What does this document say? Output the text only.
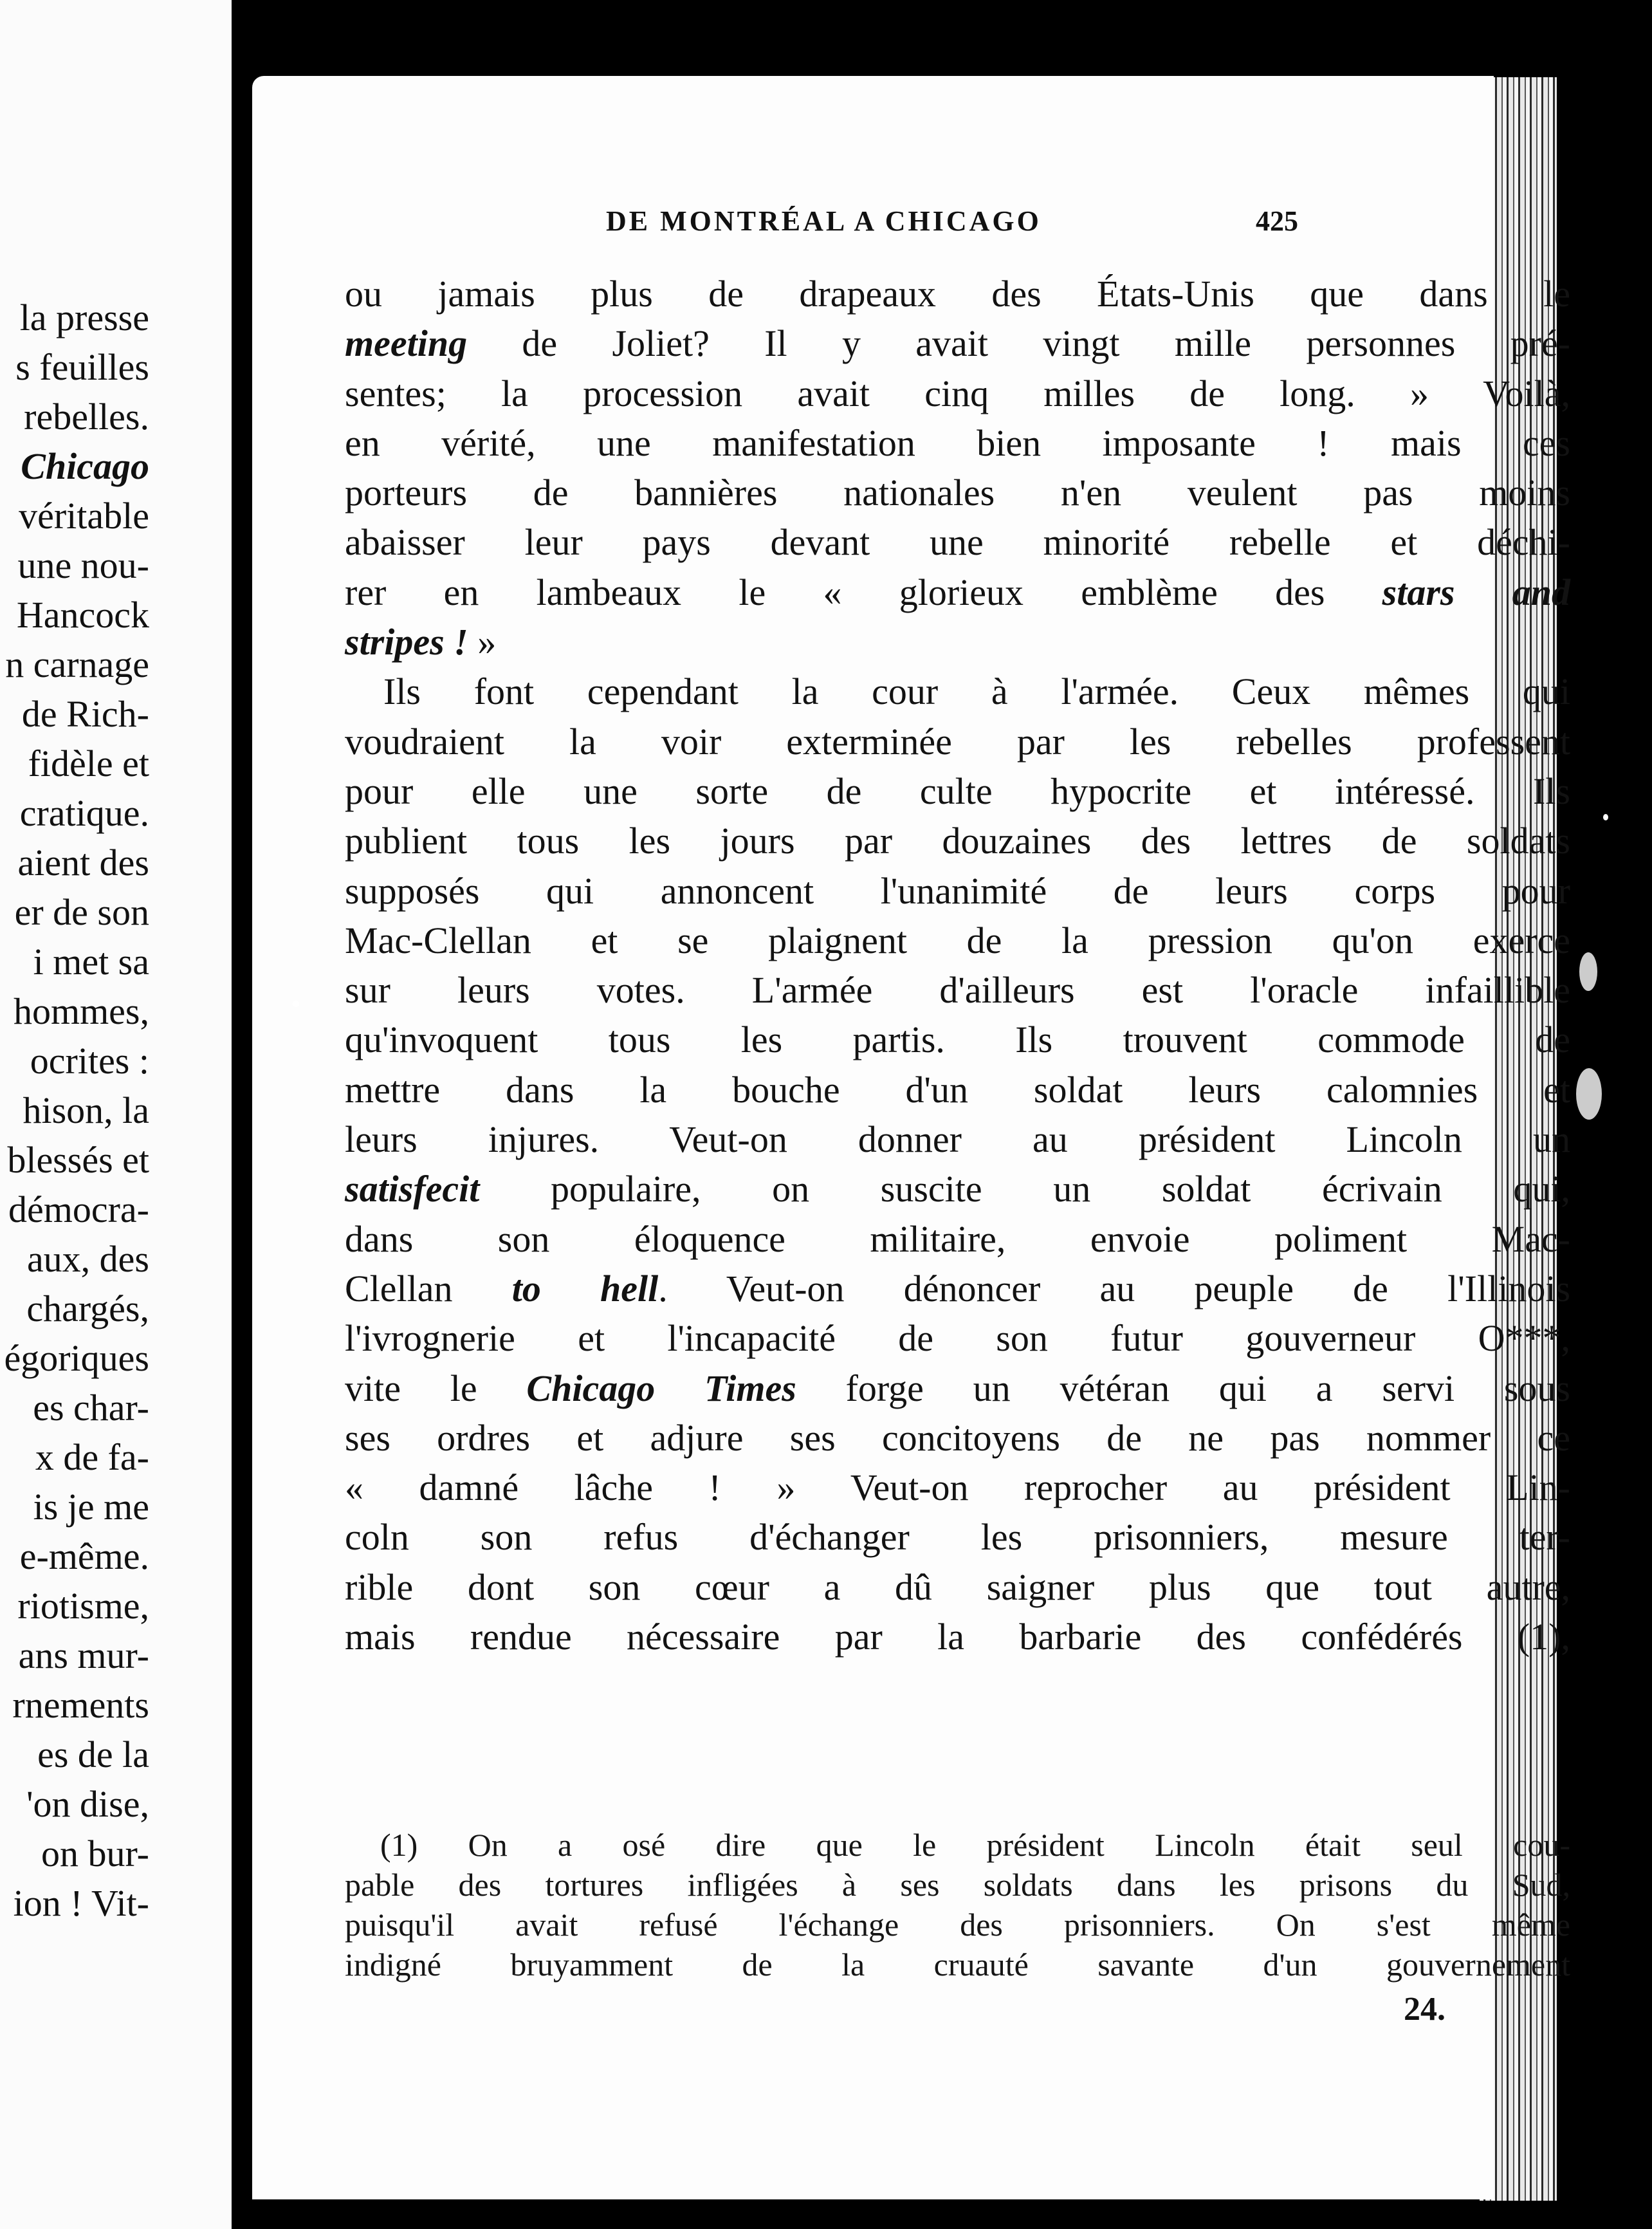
la presse
s feuilles
rebelles.
Chicago
véritable
une nou-
Hancock
n carnage
de Rich-
fidèle et
cratique.
aient des
er de son
i met sa
hommes,
ocrites :
hison, la
blessés et
démocra-
aux, des
chargés,
égoriques
es char-
x de fa-
is je me
e-même.
riotisme,
ans mur-
rnements
es de la
'on dise,
on bur-
ion ! Vit-
DE MONTRÉAL A CHICAGO	425
ou jamais plus de drapeaux des États-Unis que dans le
meeting de Joliet? Il y avait vingt mille personnes pré-
sentes; la procession avait cinq milles de long. » Voilà,
en vérité, une manifestation bien imposante ! mais ces
porteurs de bannières nationales n'en veulent pas moins
abaisser leur pays devant une minorité rebelle et déchi-
rer en lambeaux le « glorieux emblème des stars and
stripes ! »
Ils font cependant la cour à l'armée. Ceux mêmes qui
voudraient la voir exterminée par les rebelles professent
pour elle une sorte de culte hypocrite et intéressé. Ils
publient tous les jours par douzaines des lettres de soldats
supposés qui annoncent l'unanimité de leurs corps pour
Mac-Clellan et se plaignent de la pression qu'on exerce
sur leurs votes. L'armée d'ailleurs est l'oracle infaillible
qu'invoquent tous les partis. Ils trouvent commode de
mettre dans la bouche d'un soldat leurs calomnies et
leurs injures. Veut-on donner au président Lincoln un
satisfecit populaire, on suscite un soldat écrivain qui,
dans son éloquence militaire, envoie poliment Mac-
Clellan to hell. Veut-on dénoncer au peuple de l'Illinois
l'ivrognerie et l'incapacité de son futur gouverneur O***,
vite le Chicago Times forge un vétéran qui a servi sous
ses ordres et adjure ses concitoyens de ne pas nommer ce
« damné lâche ! » Veut-on reprocher au président Lin-
coln son refus d'échanger les prisonniers, mesure ter-
rible dont son cœur a dû saigner plus que tout autre,
mais rendue nécessaire par la barbarie des confédérés (1),
(1) On a osé dire que le président Lincoln était seul cou-
pable des tortures infligées à ses soldats dans les prisons du Sud,
puisqu'il avait refusé l'échange des prisonniers. On s'est même
indigné bruyamment de la cruauté savante d'un gouvernement
24.
